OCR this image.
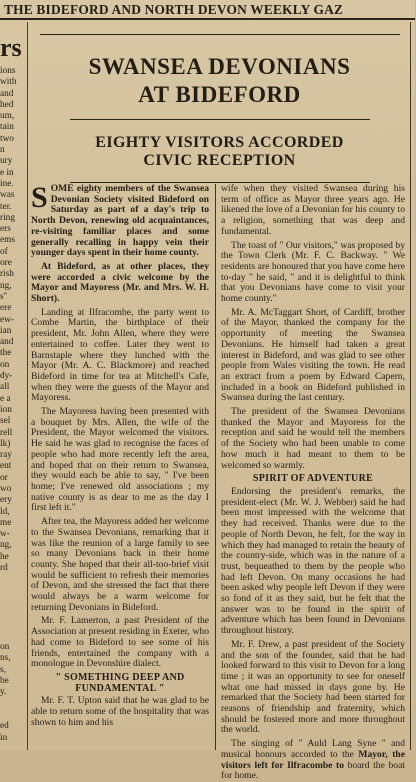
THE BIDEFORD AND NORTH DEVON WEEKLY GAZ
rs
ions
with
and
hed
um,
tain
two
n
ury
e in
ine.
was
ter.
ring
ers
ems
of
ore
rish
ng,
s''
ere
ew-
ian
and
the
on
dy-
all
e a
ion
sel
rell
lk)
ray
ent
or
wo
ery
ld,
me
w-
ng,
he
rd

on
ns,
s,
be
y.

ed
in
SWANSEA DEVONIANS
AT BIDEFORD
EIGHTY VISITORS ACCORDED
CIVIC RECEPTION

SOME eighty members of the Swansea Devonian Society visited Bideford on Saturday as part of a day's trip to North Devon, renewing old acquaintances, re-visiting familiar places and some generally recalling in happy vein their younger days spent in their home county.

At Bideford, as at other places, they were accorded a civic welcome by the Mayor and Mayoress (Mr. and Mrs. W. H. Short).

Landing at Ilfracombe, the party went to Combe Martin, the birthplace of their president, Mr. John Allen, where they were entertained to coffee. Later they went to Barnstaple where they lunched with the Mayor (Mr. A. C. Blackmore) and reached Bideford in time for tea at Mitchell's Cafe, when they were the guests of the Mayor and Mayoress.

The Mayoress having been presented with a bouquet by Mrs. Allen, the wife of the President, the Mayor welcomed the visitors. He said he was glad to recognise the faces of people who had more recently left the area, and hoped that on their return to Swansea, they would each be able to say, " I've been home; I've renewed old associations ; my native county is as dear to me as the day I first left it."

After tea, the Mayoress added her welcome to the Swansea Devonians, remarking that it was like the reunion of a large family to see so many Devonians back in their home county. She hoped that their all-too-brief visit would be sufficient to refresh their memories of Devon, and she stressed the fact that there would always be a warm welcome for returning Devonians in Bideford.

Mr. F. Lamerton, a past President of the Association at present residing in Exeter, who had come to Bideford to see some of his friends, entertained the company with a monologue in Devonshire dialect.

" SOMETHING DEEP AND FUNDAMENTAL "

Mr. F. T. Upton said that he was glad to be able to return some of the hospitality that was shown to him and his

wife when they visited Swansea during his term of office as Mayor three years ago. He likened the love of a Devonian for his county to a religion, something that was deep and fundamental.

The toast of " Our visitors," was proposed by the Town Clerk (Mr. F. C. Backway. " We residents are honoured that you have come here to-day " he said, " and it is delightful to think that you Devonians have come to visit your home county."

Mr. A. McTaggart Short, of Cardiff, brother of the Mayor, thanked the company for the opportunity of meeting the Swansea Devonians. He himself had taken a great interest in Bideford, and was glad to see other people from Wales visiting the town. He read an extract from a poem by Edward Capern, included in a book on Bideford published in Swansea during the last century.

The president of the Swansea Devonians thanked the Mayor and Mayoress for the reception and said he would tell the members of the Society who had been unable to come how much it had meant to them to be welcomed so warmly.

SPIRIT OF ADVENTURE

Endorsing the president's remarks, the president-elect (Mr. W. J. Webber) said he had been most impressed with the welcome that they had received. Thanks were due to the people of North Devon, he felt, for the way in which they had managed to retain the beauty of the country-side, which was in the nature of a trust, bequeathed to them by the people who had left Devon. On many occasions he had been asked why people left Devon if they were so fond of it as they said, but he felt that the answer was to be found in the spirit of adventure which has been found in Devonians throughout history.

Mr. F. Drew, a past president of the Society and the son of the founder, said that he had looked forward to this visit to Devon for a long time ; it was an opportunity to see for oneself what one had missed in days gone by. He remarked that the Society had been started for reasons of friendship and fraternity, which should be fostered more and more throughout the world.

The singing of " Auld Lang Syne " and musical honours accorded to the Mayor, the visitors left for Ilfracombe to board the boat for home.
